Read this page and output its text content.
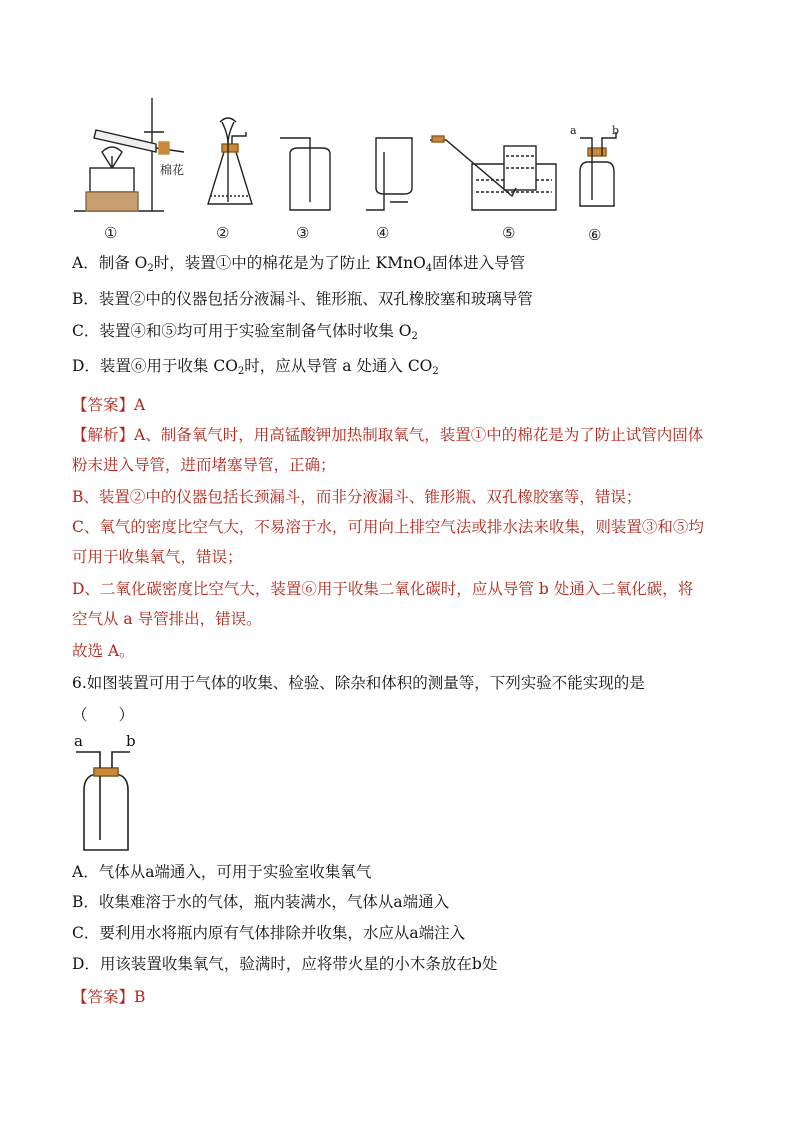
棉花
a	b
①	②	③	④	⑤	⑥
A．制备 $O_2$时，装置①中的棉花是为了防止 KMnO$_4$固体进入导管
B．装置②中的仪器包括分液漏斗、锥形瓶、双孔橡胶塞和玻璃导管
C．装置④和⑤均可用于实验室制备气体时收集 $O_2$
D．装置⑥用于收集 $CO_2$时，应从导管 a 处通入 $CO_2$
【答案】A
【解析】A、制备氧气时，用高锰酸钾加热制取氧气，装置①中的棉花是为了防止试管内固体
粉末进入导管，进而堵塞导管，正确；
B、装置②中的仪器包括长颈漏斗，而非分液漏斗、锥形瓶、双孔橡胶塞等，错误；
C、氧气的密度比空气大，不易溶于水，可用向上排空气法或排水法来收集，则装置③和⑤均
可用于收集氧气，错误；
D、二氧化碳密度比空气大，装置⑥用于收集二氧化碳时，应从导管 b 处通入二氧化碳，将
空气从 a 导管排出，错误。
故选 A。
6.如图装置可用于气体的收集、检验、除杂和体积的测量等，下列实验不能实现的是
（　　）
a	b
A．气体从a端通入，可用于实验室收集氧气
B．收集难溶于水的气体，瓶内装满水，气体从a端通入
C．要利用水将瓶内原有气体排除并收集，水应从a端注入
D．用该装置收集氧气，验满时，应将带火星的小木条放在b处
【答案】B
